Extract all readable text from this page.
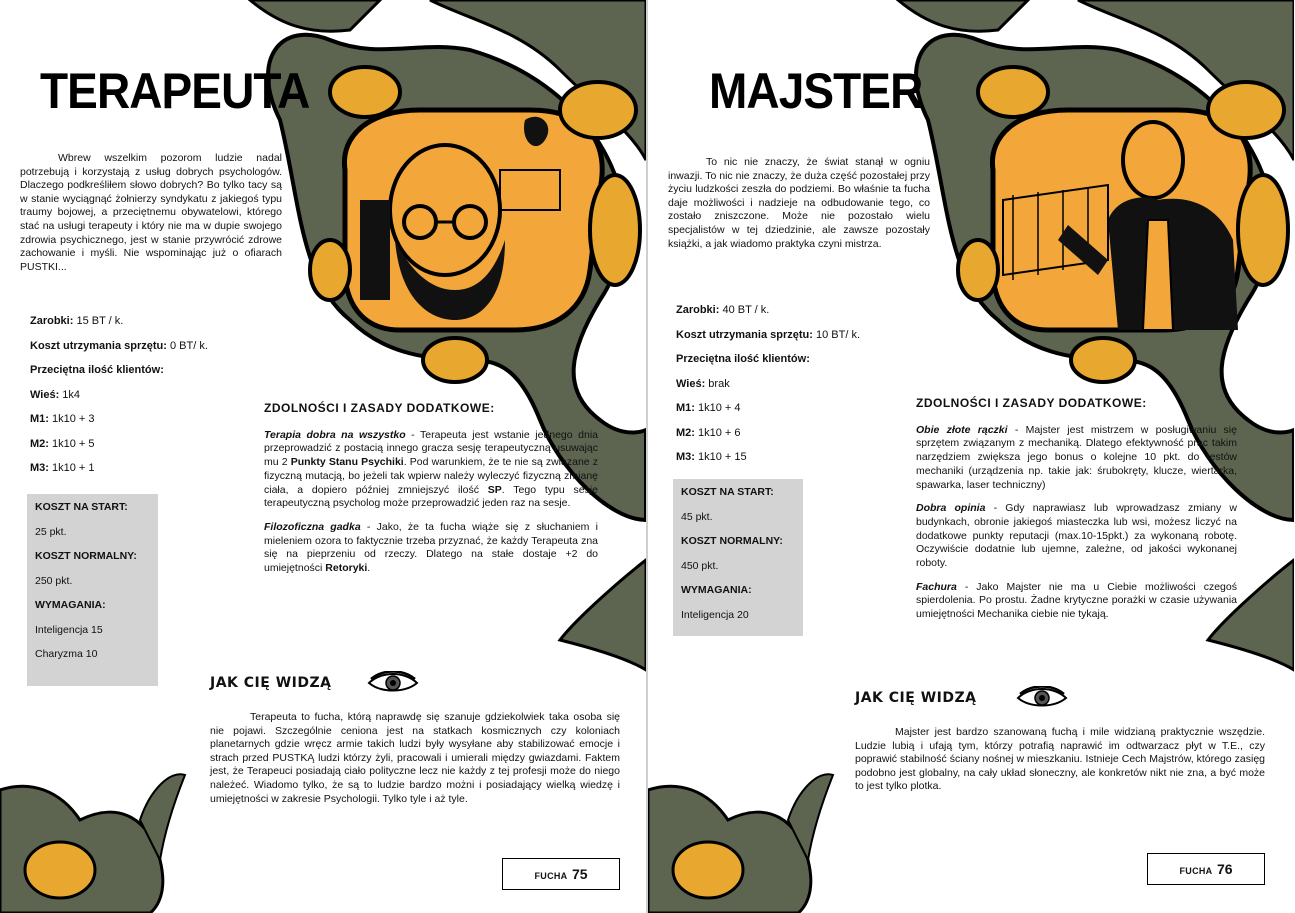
TERAPEUTA

Wbrew wszelkim pozorom ludzie nadal potrzebują i korzystają z usług dobrych psychologów. Dlaczego podkreśliłem słowo dobrych? Bo tylko tacy są w stanie wyciągnąć żołnierzy syndykatu z jakiegoś typu traumy bojowej, a przeciętnemu obywatelowi, którego stać na usługi terapeuty i który nie ma w dupie swojego zdrowia psychicznego, jest w stanie przywrócić zdrowe zachowanie i myśli. Nie wspominając już o ofiarach PUSTKI...

Zarobki: 15 BT / k.
Koszt utrzymania sprzętu: 0 BT/ k.
Przeciętna ilość klientów:
Wieś: 1k4
M1: 1k10 + 3
M2: 1k10 + 5
M3: 1k10 + 1
KOSZT NA START:
25 pkt.
KOSZT NORMALNY:
250 pkt.
WYMAGANIA:
Inteligencja 15
Charyzma 10
ZDOLNOŚCI I ZASADY DODATKOWE:

Terapia dobra na wszystko - Terapeuta jest wstanie jednego dnia przeprowadzić z postacią innego gracza sesję terapeutyczną usuwając mu 2 Punkty Stanu Psychiki. Pod warunkiem, że te nie są związane z fizyczną mutacją, bo jeżeli tak wpierw należy wyleczyć fizyczną zmianę ciała, a dopiero później zmniejszyć ilość SP. Tego typu sesję terapeutyczną psycholog może przeprowadzić jeden raz na sesje.

Filozoficzna gadka - Jako, że ta fucha wiąże się z słuchaniem i mieleniem ozora to faktycznie trzeba przyznać, że każdy Terapeuta zna się na pieprzeniu od rzeczy. Dlatego na stałe dostaje +2 do umiejętności Retoryki.

JAK CIĘ WIDZĄ

Terapeuta to fucha, którą naprawdę się szanuje gdziekolwiek taka osoba się nie pojawi. Szczególnie ceniona jest na statkach kosmicznych czy koloniach planetarnych gdzie wręcz armie takich ludzi były wysyłane aby stabilizować emocje i strach przed PUSTKĄ ludzi którzy żyli, pracowali i umierali między gwiazdami. Faktem jest, że Terapeuci posiadają ciało polityczne lecz nie każdy z tej profesji może do niego należeć. Wiadomo tylko, że są to ludzie bardzo możni i posiadający wielką wiedzę i umiejętności w zakresie Psychologii. Tylko tyle i aż tyle.

FUCHA 75
MAJSTER

To nic nie znaczy, że świat stanął w ogniu inwazji. To nic nie znaczy, że duża część pozostałej przy życiu ludzkości zeszła do podziemi. Bo właśnie ta fucha daje możliwości i nadzieje na odbudowanie tego, co zostało zniszczone. Może nie pozostało wielu specjalistów w tej dziedzinie, ale zawsze pozostały książki, a jak wiadomo praktyka czyni mistrza.

Zarobki: 40 BT / k.
Koszt utrzymania sprzętu: 10 BT/ k.
Przeciętna ilość klientów:
Wieś: brak
M1: 1k10 + 4
M2: 1k10 + 6
M3: 1k10 + 15
KOSZT NA START:
45 pkt.
KOSZT NORMALNY:
450 pkt.
WYMAGANIA:
Inteligencja 20
ZDOLNOŚCI I ZASADY DODATKOWE:

Obie złote rączki - Majster jest mistrzem w posługiwaniu się sprzętem związanym z mechaniką. Dlatego efektywność prac takim narzędziem zwiększa jego bonus o kolejne 10 pkt. do testów mechaniki (urządzenia np. takie jak: śrubokręty, klucze, wiertarka, spawarka, laser techniczny)

Dobra opinia - Gdy naprawiasz lub wprowadzasz zmiany w budynkach, obronie jakiegoś miasteczka lub wsi, możesz liczyć na dodatkowe punkty reputacji (max.10-15pkt.) za wykonaną robotę. Oczywiście dodatnie lub ujemne, zależne, od jakości wykonanej roboty.

Fachura - Jako Majster nie ma u Ciebie możliwości czegoś spierdolenia. Po prostu. Żadne krytyczne porażki w czasie używania umiejętności Mechanika ciebie nie tykają.

JAK CIĘ WIDZĄ

Majster jest bardzo szanowaną fuchą i mile widzianą praktycznie wszędzie. Ludzie lubią i ufają tym, którzy potrafią naprawić im odtwarzacz płyt w T.E., czy poprawić stabilność ściany nośnej w mieszkaniu. Istnieje Cech Majstrów, którego zasięg podobno jest globalny, na cały układ słoneczny, ale konkretów nikt nie zna, a być może to jest tylko plotka.

FUCHA 76
